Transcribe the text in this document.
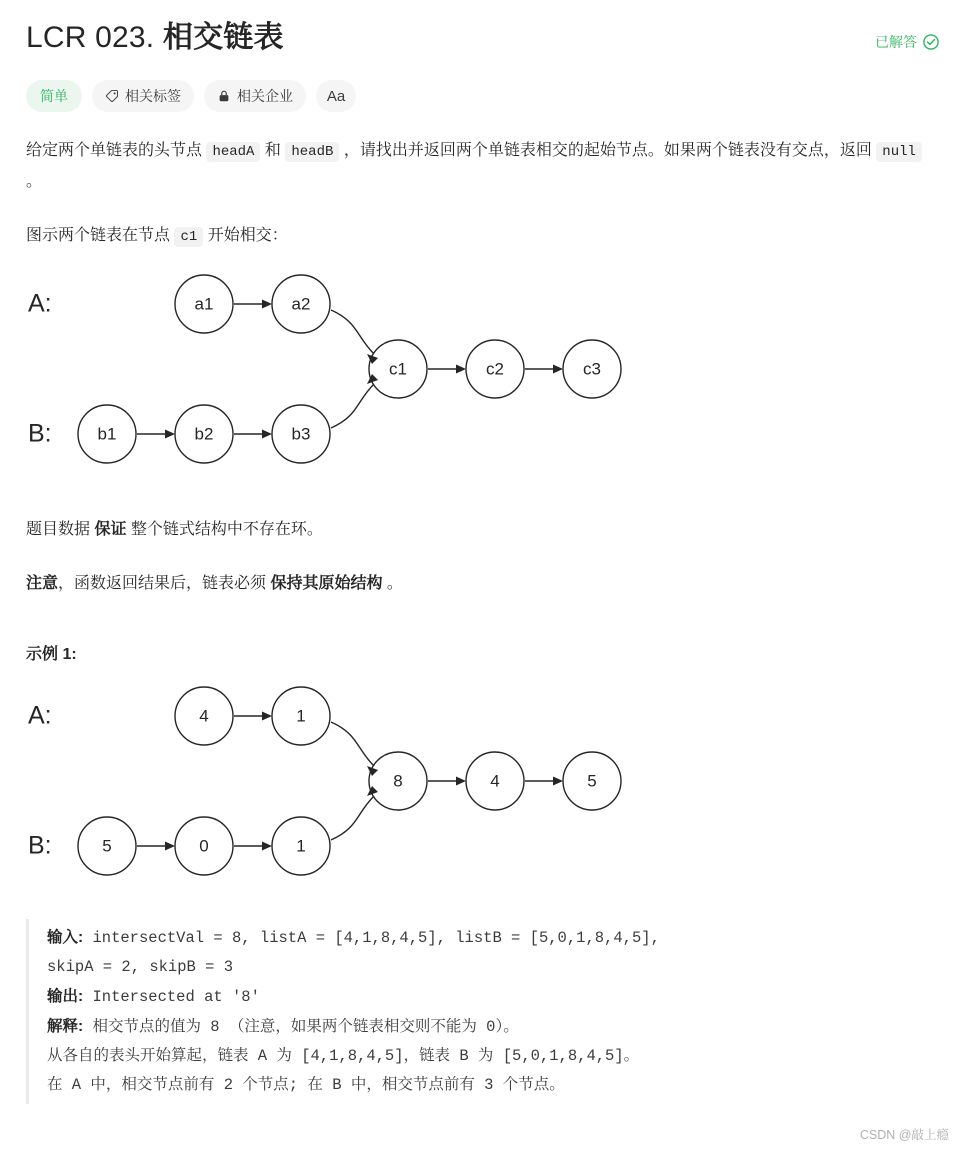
LCR 023. 相交链表	已解答
简单	相关标签	相关企业 Aa
给定两个单链表的头节点 headA 和 headB ，请找出并返回两个单链表相交的起始节点。如果两个链表没有交点，返回 null 。
图示两个链表在节点 c1 开始相交：
a1	a2
b1	b2	b3
c1	c2	c3
A:
B:
题目数据 保证 整个链式结构中不存在环。
注意，函数返回结果后，链表必须 保持其原始结构 。
示例 1:
4	1
5	0	1
8	4	5
A:
B:
输入: intersectVal = 8, listA = [4,1,8,4,5], listB = [5,0,1,8,4,5],
skipA = 2, skipB = 3
输出: Intersected at '8'
解释: 相交节点的值为 8 （注意，如果两个链表相交则不能为 0）。
从各自的表头开始算起，链表 A 为 [4,1,8,4,5]，链表 B 为 [5,0,1,8,4,5]。
在 A 中，相交节点前有 2 个节点; 在 B 中，相交节点前有 3 个节点。
CSDN @敲上瘾
